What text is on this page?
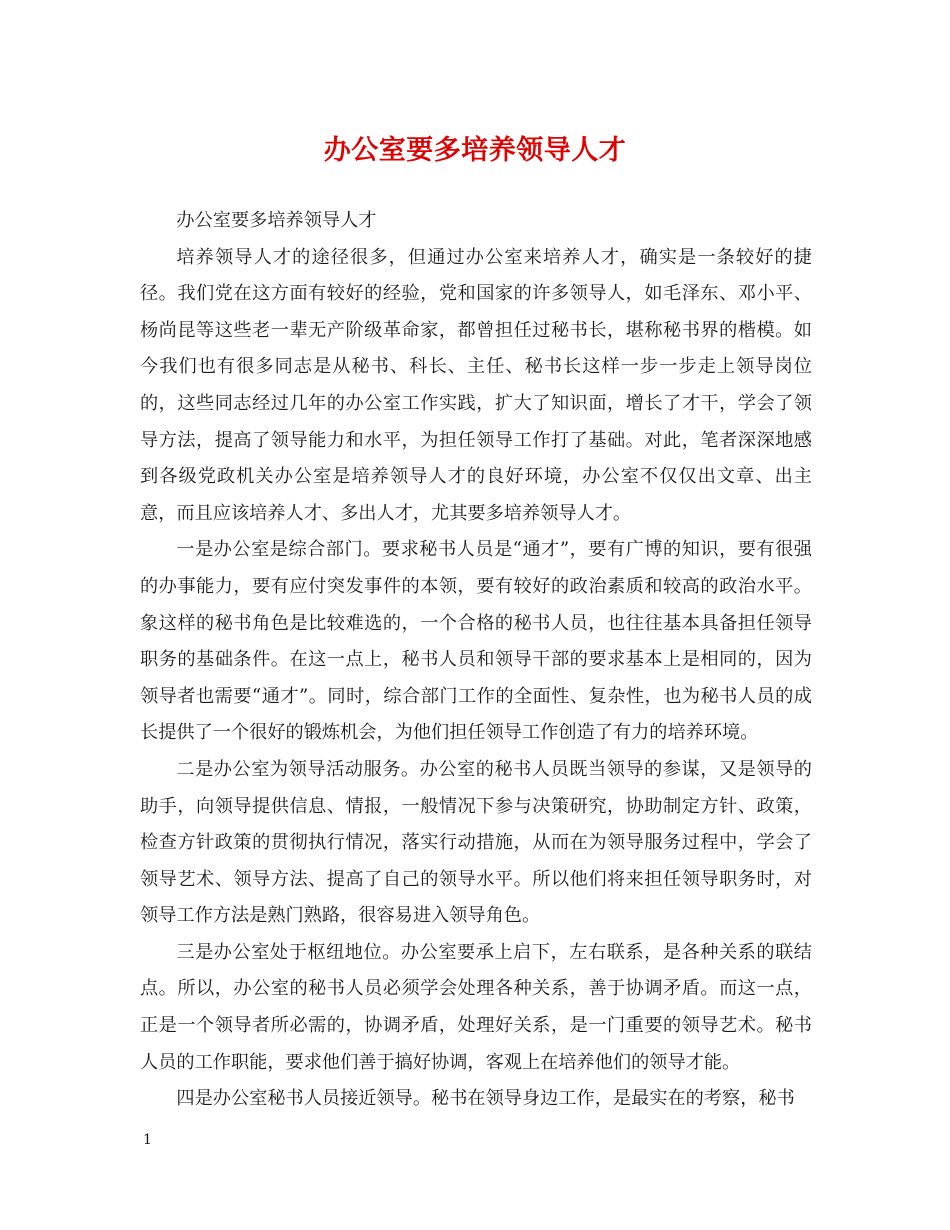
办公室要多培养领导人才

办公室要多培养领导人才

培养领导人才的途径很多，但通过办公室来培养人才，确实是一条较好的捷径。我们党在这方面有较好的经验，党和国家的许多领导人，如毛泽东、邓小平、杨尚昆等这些老一辈无产阶级革命家，都曾担任过秘书长，堪称秘书界的楷模。如今我们也有很多同志是从秘书、科长、主任、秘书长这样一步一步走上领导岗位的，这些同志经过几年的办公室工作实践，扩大了知识面，增长了才干，学会了领导方法，提高了领导能力和水平，为担任领导工作打了基础。对此，笔者深深地感到各级党政机关办公室是培养领导人才的良好环境，办公室不仅仅出文章、出主意，而且应该培养人才、多出人才，尤其要多培养领导人才。

一是办公室是综合部门。要求秘书人员是“通才”，要有广博的知识，要有很强的办事能力，要有应付突发事件的本领，要有较好的政治素质和较高的政治水平。象这样的秘书角色是比较难选的，一个合格的秘书人员，也往往基本具备担任领导职务的基础条件。在这一点上，秘书人员和领导干部的要求基本上是相同的，因为领导者也需要“通才”。同时，综合部门工作的全面性、复杂性，也为秘书人员的成长提供了一个很好的锻炼机会，为他们担任领导工作创造了有力的培养环境。

二是办公室为领导活动服务。办公室的秘书人员既当领导的参谋，又是领导的助手，向领导提供信息、情报，一般情况下参与决策研究，协助制定方针、政策，检查方针政策的贯彻执行情况，落实行动措施，从而在为领导服务过程中，学会了领导艺术、领导方法、提高了自己的领导水平。所以他们将来担任领导职务时，对领导工作方法是熟门熟路，很容易进入领导角色。

三是办公室处于枢纽地位。办公室要承上启下，左右联系，是各种关系的联结点。所以，办公室的秘书人员必须学会处理各种关系，善于协调矛盾。而这一点，正是一个领导者所必需的，协调矛盾，处理好关系，是一门重要的领导艺术。秘书人员的工作职能，要求他们善于搞好协调，客观上在培养他们的领导才能。

四是办公室秘书人员接近领导。秘书在领导身边工作，是最实在的考察，秘书

1
